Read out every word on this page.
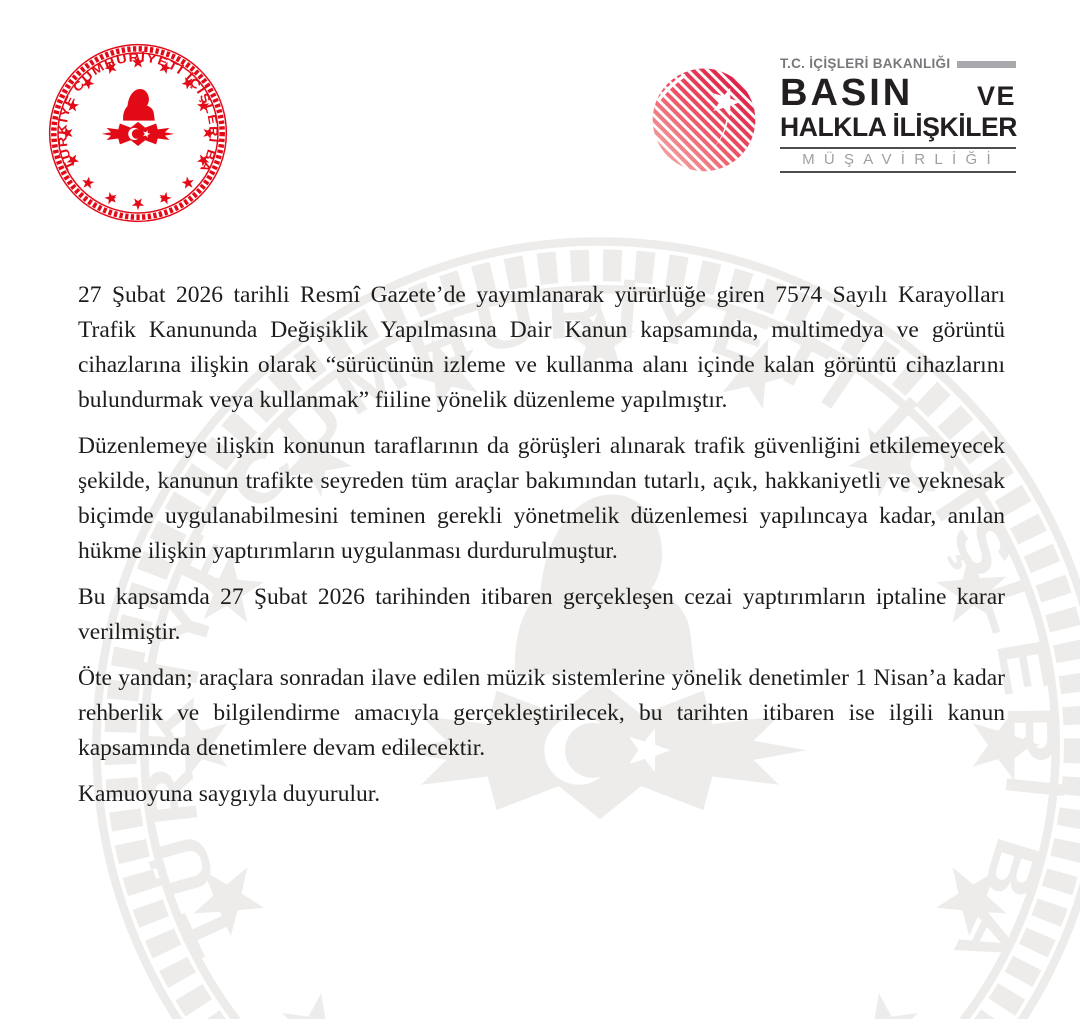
T.C. İÇİŞLERİ BAKANLIĞI
BASIN VE
HALKLA İLİŞKİLER
MÜŞAVİRLİĞİ

27 Şubat 2026 tarihli Resmî Gazete’de yayımlanarak yürürlüğe giren 7574 Sayılı Karayolları Trafik Kanununda Değişiklik Yapılmasına Dair Kanun kapsamında, multimedya ve görüntü cihazlarına ilişkin olarak “sürücünün izleme ve kullanma alanı içinde kalan görüntü cihazlarını bulundurmak veya kullanmak” fiiline yönelik düzenleme yapılmıştır.

Düzenlemeye ilişkin konunun taraflarının da görüşleri alınarak trafik güvenliğini etkilemeyecek şekilde, kanunun trafikte seyreden tüm araçlar bakımından tutarlı, açık, hakkaniyetli ve yeknesak biçimde uygulanabilmesini teminen gerekli yönetmelik düzenlemesi yapılıncaya kadar, anılan hükme ilişkin yaptırımların uygulanması durdurulmuştur.

Bu kapsamda 27 Şubat 2026 tarihinden itibaren gerçekleşen cezai yaptırımların iptaline karar verilmiştir.

Öte yandan; araçlara sonradan ilave edilen müzik sistemlerine yönelik denetimler 1 Nisan’a kadar rehberlik ve bilgilendirme amacıyla gerçekleştirilecek, bu tarihten itibaren ise ilgili kanun kapsamında denetimlere devam edilecektir.

Kamuoyuna saygıyla duyurulur.
